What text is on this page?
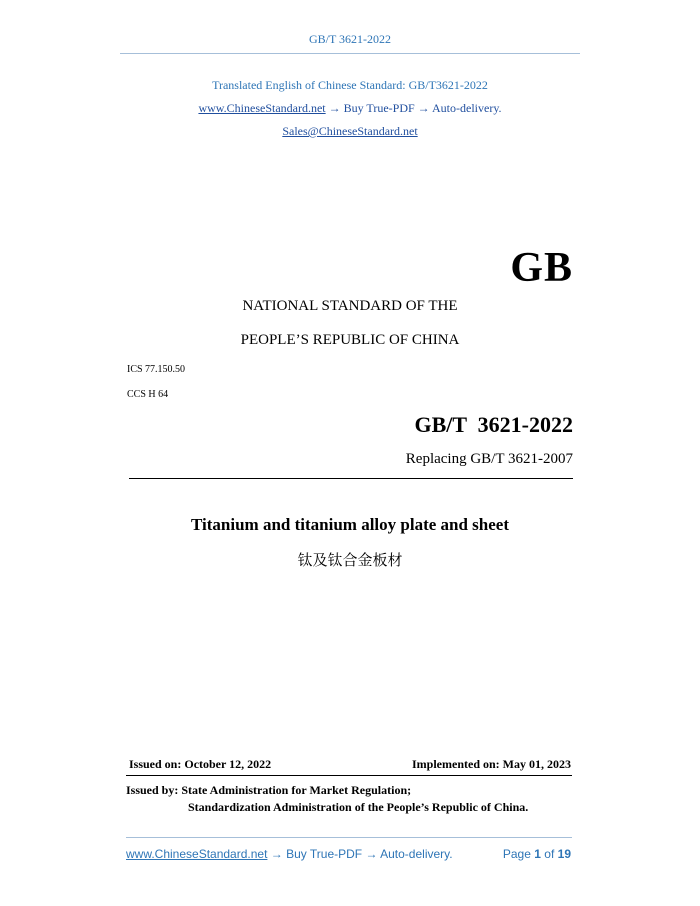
GB/T 3621-2022
Translated English of Chinese Standard: GB/T3621-2022
www.ChineseStandard.net → Buy True-PDF → Auto-delivery.
Sales@ChineseStandard.net
GB
NATIONAL STANDARD OF THE
PEOPLE’S REPUBLIC OF CHINA
ICS 77.150.50
CCS H 64
GB/T  3621-2022
Replacing GB/T 3621-2007
Titanium and titanium alloy plate and sheet
钛及钛合金板材
Issued on: October 12, 2022	Implemented on: May 01, 2023
Issued by: State Administration for Market Regulation;
Standardization Administration of the People’s Republic of China.
www.ChineseStandard.net → Buy True-PDF → Auto-delivery.	Page 1 of 19
